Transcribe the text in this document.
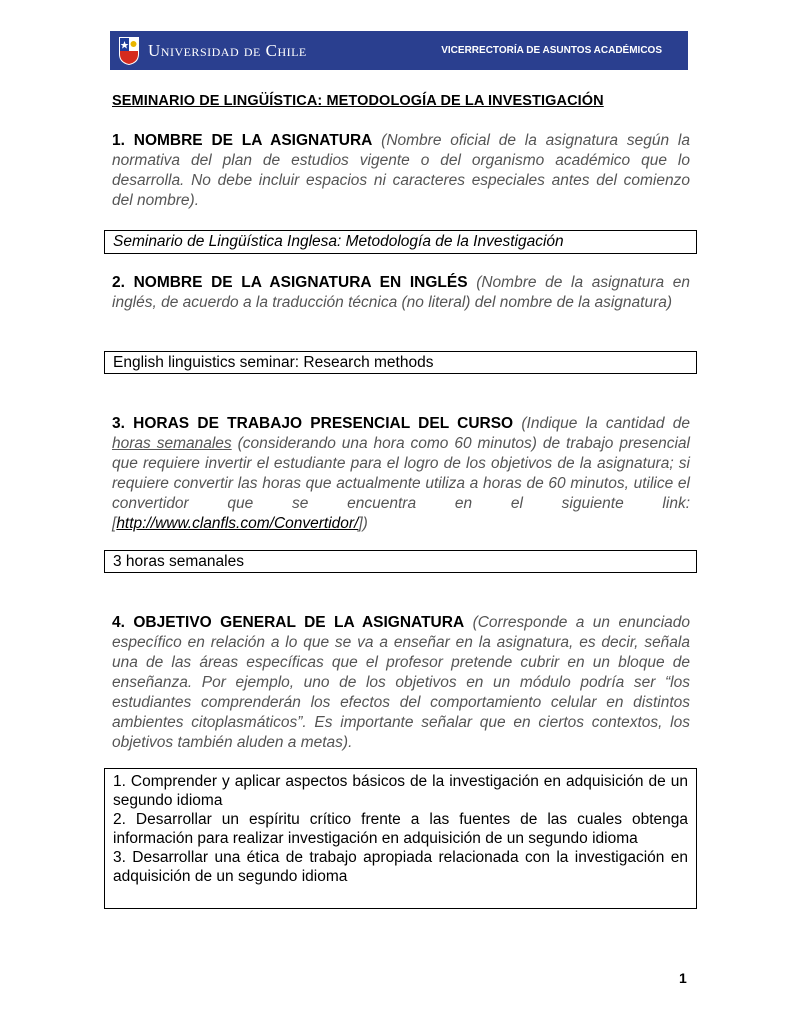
Universidad de Chile	VICERRECTORÍA DE ASUNTOS ACADÉMICOS
SEMINARIO DE LINGÜÍSTICA: METODOLOGÍA DE LA INVESTIGACIÓN
1. NOMBRE DE LA ASIGNATURA (Nombre oficial de la asignatura según la normativa del plan de estudios vigente o del organismo académico que lo desarrolla. No debe incluir espacios ni caracteres especiales antes del comienzo del nombre).
Seminario de Lingüística Inglesa: Metodología de la Investigación
2. NOMBRE DE LA ASIGNATURA EN INGLÉS (Nombre de la asignatura en inglés, de acuerdo a la traducción técnica (no literal) del nombre de la asignatura)
English linguistics seminar: Research methods
3. HORAS DE TRABAJO PRESENCIAL DEL CURSO (Indique la cantidad de horas semanales (considerando una hora como 60 minutos) de trabajo presencial que requiere invertir el estudiante para el logro de los objetivos de la asignatura; si requiere convertir las horas que actualmente utiliza a horas de 60 minutos, utilice el convertidor que se encuentra en el siguiente link: [http://www.clanfls.com/Convertidor/])
3 horas semanales
4. OBJETIVO GENERAL DE LA ASIGNATURA (Corresponde a un enunciado específico en relación a lo que se va a enseñar en la asignatura, es decir, señala una de las áreas específicas que el profesor pretende cubrir en un bloque de enseñanza. Por ejemplo, uno de los objetivos en un módulo podría ser “los estudiantes comprenderán los efectos del comportamiento celular en distintos ambientes citoplasmáticos”. Es importante señalar que en ciertos contextos, los objetivos también aluden a metas).
1. Comprender y aplicar aspectos básicos de la investigación en adquisición de un segundo idioma
2. Desarrollar un espíritu crítico frente a las fuentes de las cuales obtenga información para realizar investigación en adquisición de un segundo idioma
3. Desarrollar una ética de trabajo apropiada relacionada con la investigación en adquisición de un segundo idioma
1
